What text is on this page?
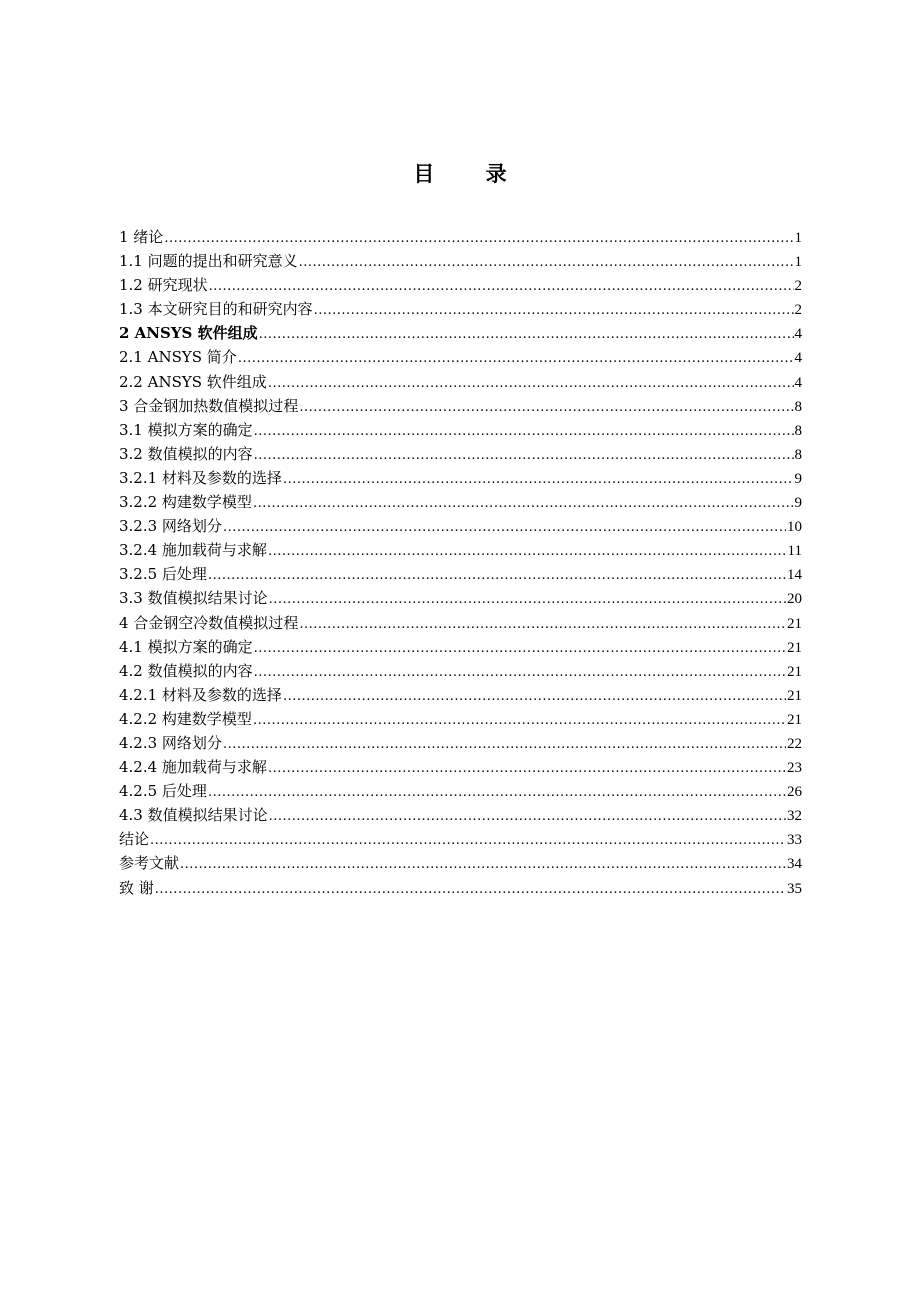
目 录
1 绪论 .....	1
1.1 问题的提出和研究意义 .....	1
1.2 研究现状 .....	2
1.3 本文研究目的和研究内容 .....	2
2 ANSYS 软件组成 .....	4
2.1 ANSYS 简介 .....	4
2.2 ANSYS 软件组成 .....	4
3 合金钢加热数值模拟过程 .....	8
3.1 模拟方案的确定 .....	8
3.2 数值模拟的内容 .....	8
3.2.1 材料及参数的选择 .....	9
3.2.2 构建数学模型 .....	9
3.2.3 网络划分 .....	10
3.2.4 施加载荷与求解 .....	11
3.2.5 后处理 .....	14
3.3 数值模拟结果讨论 .....	20
4 合金钢空冷数值模拟过程 .....	21
4.1 模拟方案的确定 .....	21
4.2 数值模拟的内容 .....	21
4.2.1 材料及参数的选择 .....	21
4.2.2 构建数学模型 .....	21
4.2.3 网络划分 .....	22
4.2.4 施加载荷与求解 .....	23
4.2.5 后处理 .....	26
4.3 数值模拟结果讨论 .....	32
结论 .....	33
参考文献 .....	34
致 谢 .....	35
